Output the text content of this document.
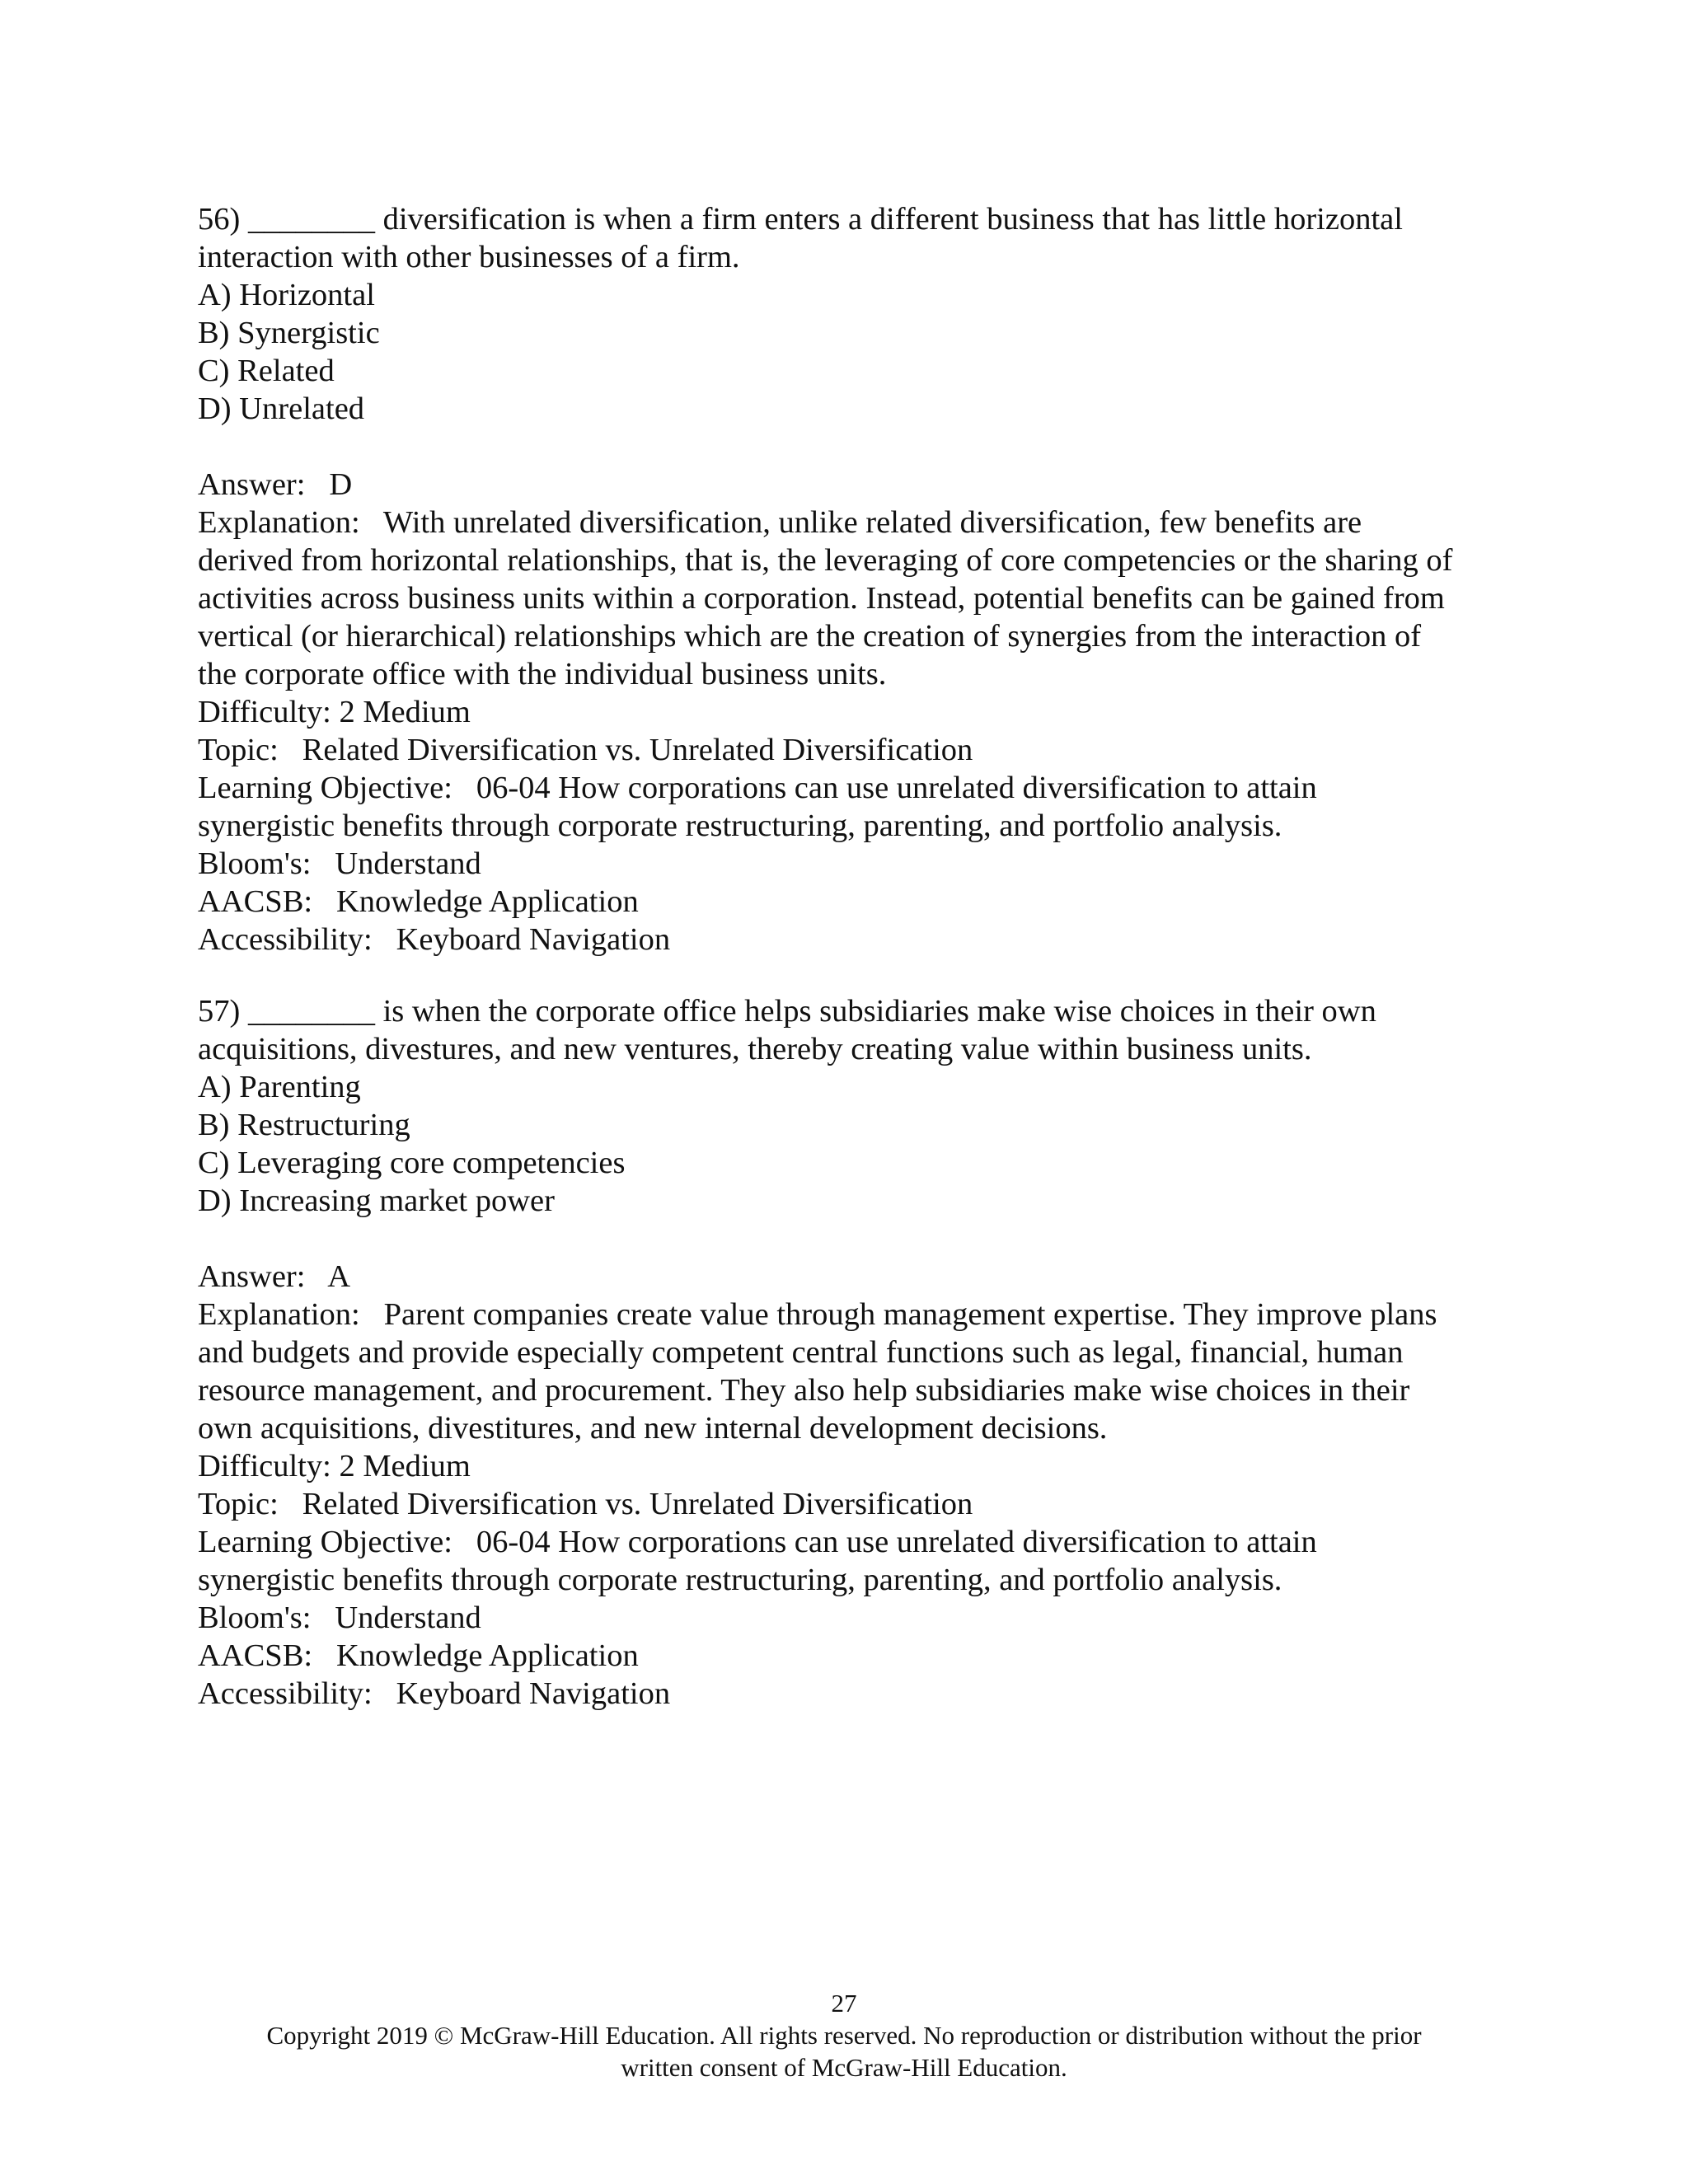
56) ________ diversification is when a firm enters a different business that has little horizontal
interaction with other businesses of a firm.
A) Horizontal
B) Synergistic
C) Related
D) Unrelated
Answer:   D
Explanation:   With unrelated diversification, unlike related diversification, few benefits are
derived from horizontal relationships, that is, the leveraging of core competencies or the sharing of
activities across business units within a corporation. Instead, potential benefits can be gained from
vertical (or hierarchical) relationships which are the creation of synergies from the interaction of
the corporate office with the individual business units.
Difficulty: 2 Medium
Topic:   Related Diversification vs. Unrelated Diversification
Learning Objective:   06-04 How corporations can use unrelated diversification to attain
synergistic benefits through corporate restructuring, parenting, and portfolio analysis.
Bloom's:   Understand
AACSB:   Knowledge Application
Accessibility:   Keyboard Navigation
57) ________ is when the corporate office helps subsidiaries make wise choices in their own
acquisitions, divestures, and new ventures, thereby creating value within business units.
A) Parenting
B) Restructuring
C) Leveraging core competencies
D) Increasing market power
Answer:   A
Explanation:   Parent companies create value through management expertise. They improve plans
and budgets and provide especially competent central functions such as legal, financial, human
resource management, and procurement. They also help subsidiaries make wise choices in their
own acquisitions, divestitures, and new internal development decisions.
Difficulty: 2 Medium
Topic:   Related Diversification vs. Unrelated Diversification
Learning Objective:   06-04 How corporations can use unrelated diversification to attain
synergistic benefits through corporate restructuring, parenting, and portfolio analysis.
Bloom's:   Understand
AACSB:   Knowledge Application
Accessibility:   Keyboard Navigation
27
Copyright 2019 © McGraw-Hill Education. All rights reserved. No reproduction or distribution without the prior
written consent of McGraw-Hill Education.
